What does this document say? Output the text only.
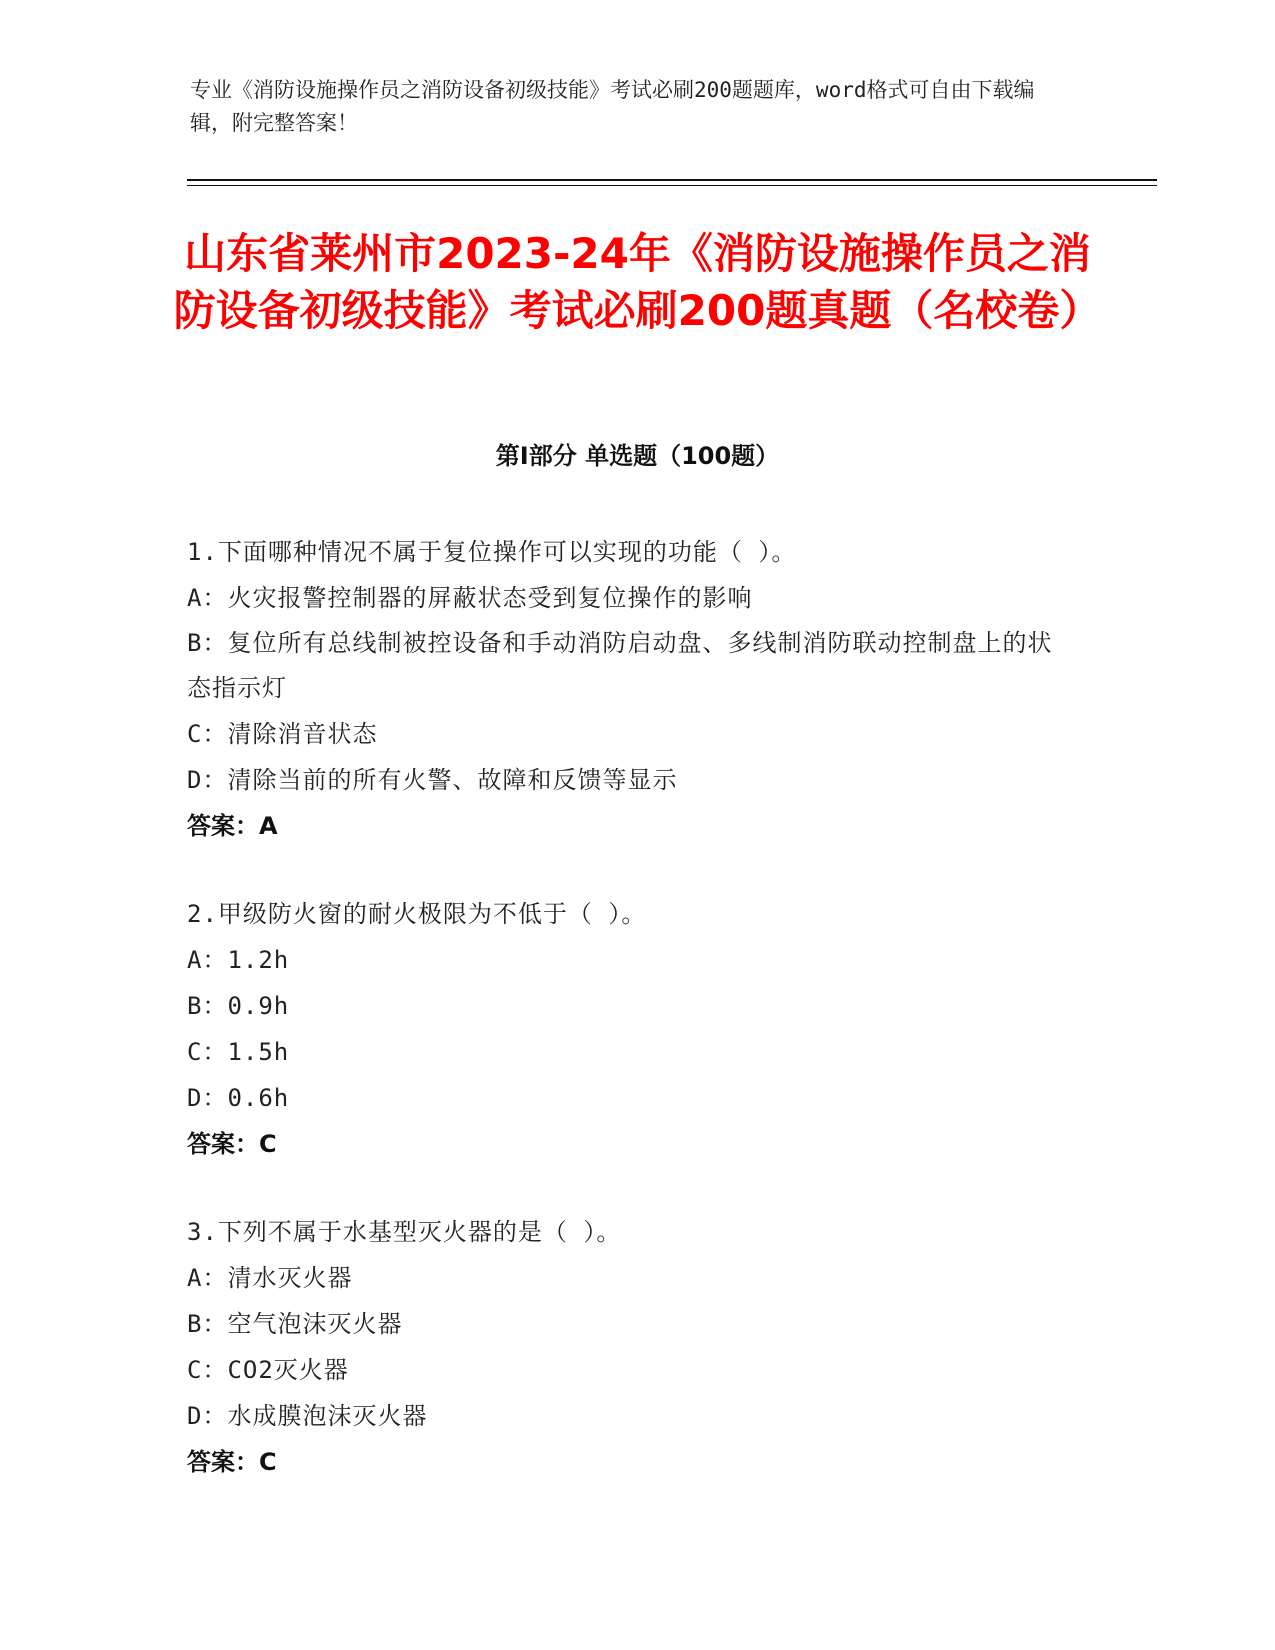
专业《消防设施操作员之消防设备初级技能》考试必刷200题题库，word格式可自由下载编辑，附完整答案！
山东省莱州市2023-24年《消防设施操作员之消防设备初级技能》考试必刷200题真题（名校卷）
第I部分 单选题（100题）
1.下面哪种情况不属于复位操作可以实现的功能（ ）。
A：火灾报警控制器的屏蔽状态受到复位操作的影响
B：复位所有总线制被控设备和手动消防启动盘、多线制消防联动控制盘上的状态指示灯
C：清除消音状态
D：清除当前的所有火警、故障和反馈等显示
答案：A
2.甲级防火窗的耐火极限为不低于（ ）。
A：1.2h
B：0.9h
C：1.5h
D：0.6h
答案：C
3.下列不属于水基型灭火器的是（ ）。
A：清水灭火器
B：空气泡沫灭火器
C：CO2灭火器
D：水成膜泡沫灭火器
答案：C
